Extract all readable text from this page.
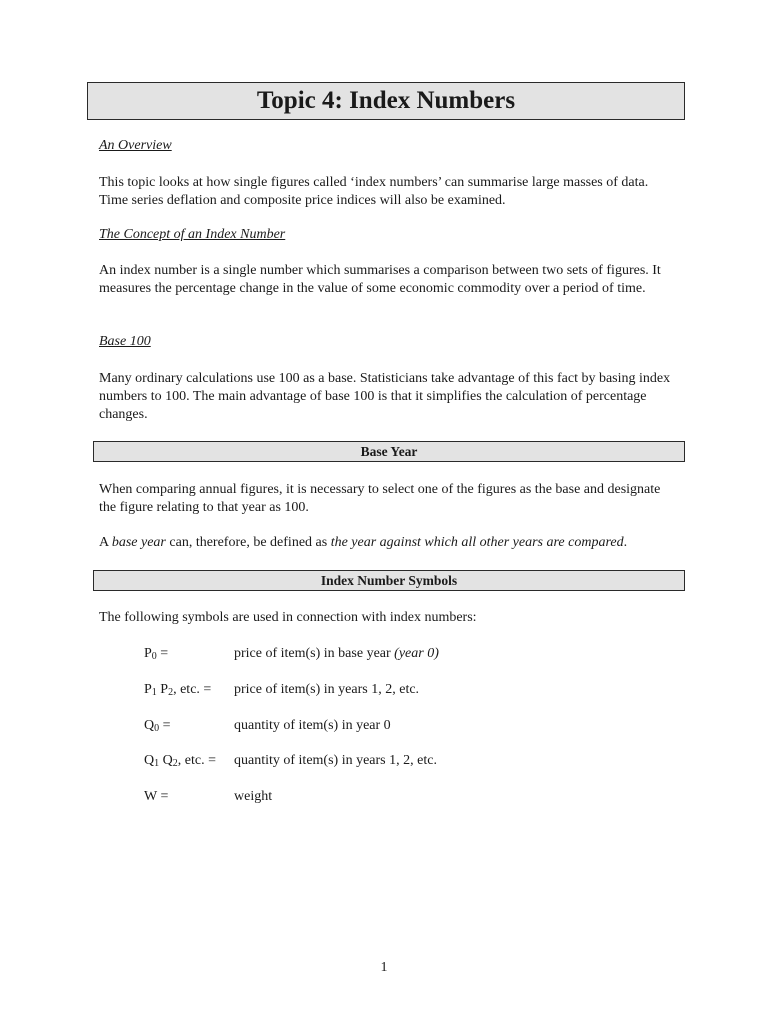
Topic 4: Index Numbers
An Overview
This topic looks at how single figures called ‘index numbers’ can summarise large masses of data. Time series deflation and composite price indices will also be examined.
The Concept of an Index Number
An index number is a single number which summarises a comparison between two sets of figures. It measures the percentage change in the value of some economic commodity over a period of time.
Base 100
Many ordinary calculations use 100 as a base. Statisticians take advantage of this fact by basing index numbers to 100. The main advantage of base 100 is that it simplifies the calculation of percentage changes.
Base Year
When comparing annual figures, it is necessary to select one of the figures as the base and designate the figure relating to that year as 100.
A base year can, therefore, be defined as the year against which all other years are compared.
Index Number Symbols
The following symbols are used in connection with index numbers:
$P_0$ =	price of item(s) in base year (year 0)
$P_1$ $P_2$, etc. = price of item(s) in years 1, 2, etc.
$Q_0$ =	quantity of item(s) in year 0
$Q_1$ $Q_2$, etc. = quantity of item(s) in years 1, 2, etc.
W =	weight
1
